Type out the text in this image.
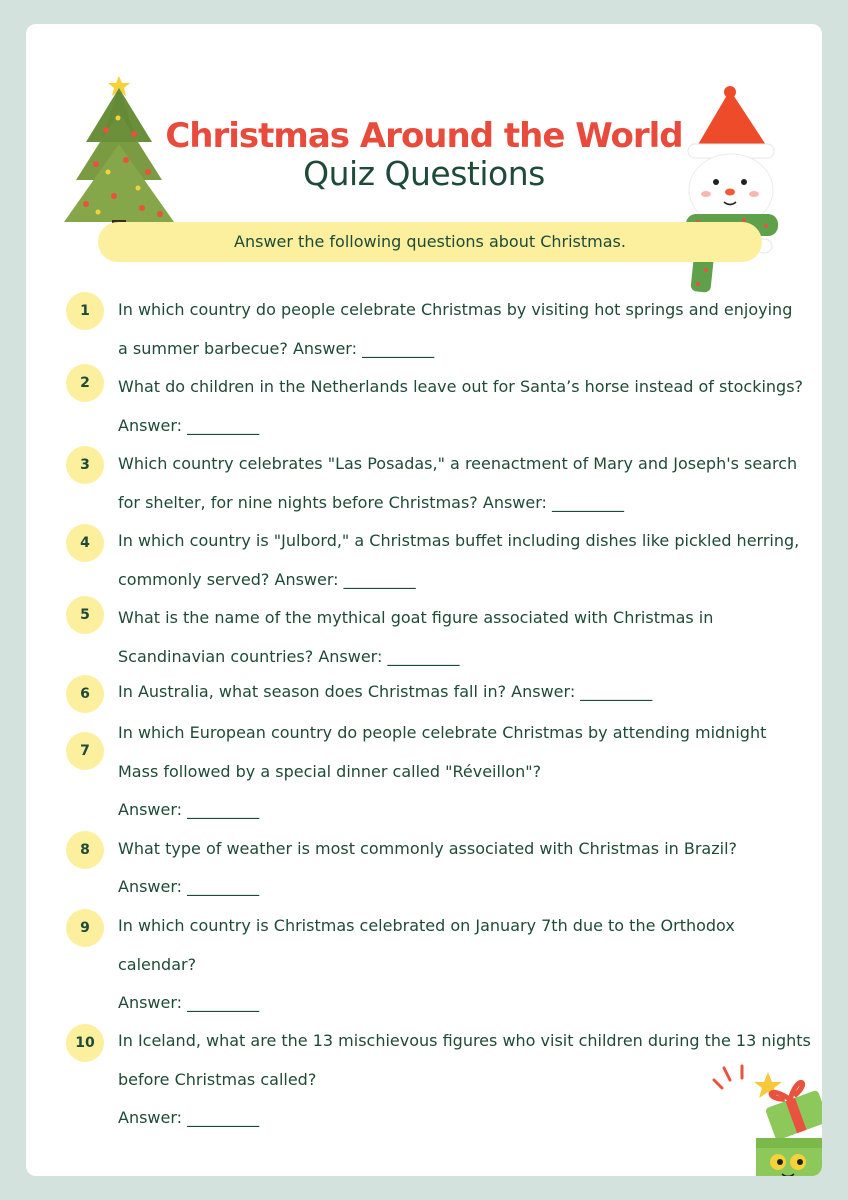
Christmas Around the World
Quiz Questions
Answer the following questions about Christmas.
1	In which country do people celebrate Christmas by visiting hot springs and enjoying
a summer barbecue? Answer: _________
2	What do children in the Netherlands leave out for Santa’s horse instead of stockings?
Answer: _________
3	Which country celebrates "Las Posadas," a reenactment of Mary and Joseph's search
for shelter, for nine nights before Christmas? Answer: _________
4	In which country is "Julbord," a Christmas buffet including dishes like pickled herring,
commonly served? Answer: _________
5	What is the name of the mythical goat figure associated with Christmas in
Scandinavian countries? Answer: _________
6	In Australia, what season does Christmas fall in? Answer: _________
7
In which European country do people celebrate Christmas by attending midnight
Mass followed by a special dinner called "Réveillon"?
Answer: _________
8	What type of weather is most commonly associated with Christmas in Brazil?
Answer: _________
9	In which country is Christmas celebrated on January 7th due to the Orthodox
calendar?
Answer: _________
10	In Iceland, what are the 13 mischievous figures who visit children during the 13 nights
before Christmas called?
Answer: _________
